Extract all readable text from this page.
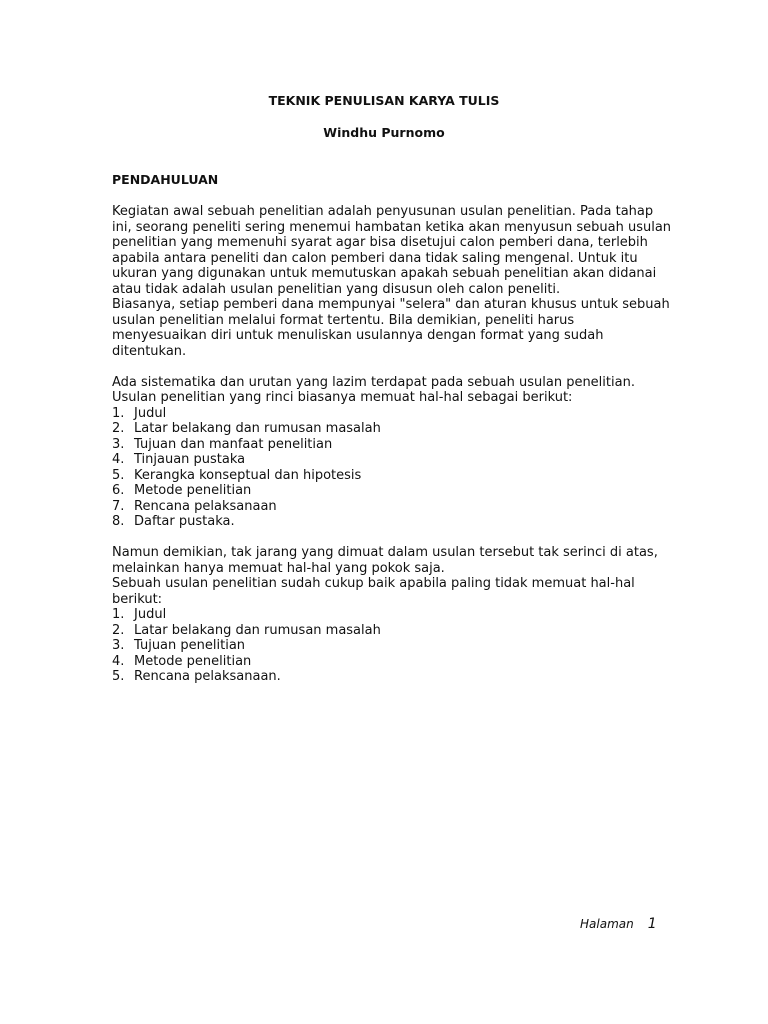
TEKNIK PENULISAN KARYA TULIS
Windhu Purnomo
PENDAHULUAN
Kegiatan awal sebuah penelitian adalah penyusunan usulan penelitian. Pada tahap
ini, seorang peneliti sering menemui hambatan ketika akan menyusun sebuah usulan
penelitian yang memenuhi syarat agar bisa disetujui calon pemberi dana, terlebih
apabila antara peneliti dan calon pemberi dana tidak saling mengenal. Untuk itu
ukuran yang digunakan untuk memutuskan apakah sebuah penelitian akan didanai
atau tidak adalah usulan penelitian yang disusun oleh calon peneliti.
Biasanya, setiap pemberi dana mempunyai "selera" dan aturan khusus untuk sebuah
usulan penelitian melalui format tertentu. Bila demikian, peneliti harus
menyesuaikan diri untuk menuliskan usulannya dengan format yang sudah
ditentukan.
Ada sistematika dan urutan yang lazim terdapat pada sebuah usulan penelitian.
Usulan penelitian yang rinci biasanya memuat hal-hal sebagai berikut:
1. Judul
2. Latar belakang dan rumusan masalah
3. Tujuan dan manfaat penelitian
4. Tinjauan pustaka
5. Kerangka konseptual dan hipotesis
6. Metode penelitian
7. Rencana pelaksanaan
8. Daftar pustaka.
Namun demikian, tak jarang yang dimuat dalam usulan tersebut tak serinci di atas,
melainkan hanya memuat hal-hal yang pokok saja.
Sebuah usulan penelitian sudah cukup baik apabila paling tidak memuat hal-hal
berikut:
1. Judul
2. Latar belakang dan rumusan masalah
3. Tujuan penelitian
4. Metode penelitian
5. Rencana pelaksanaan.
Halaman 1
